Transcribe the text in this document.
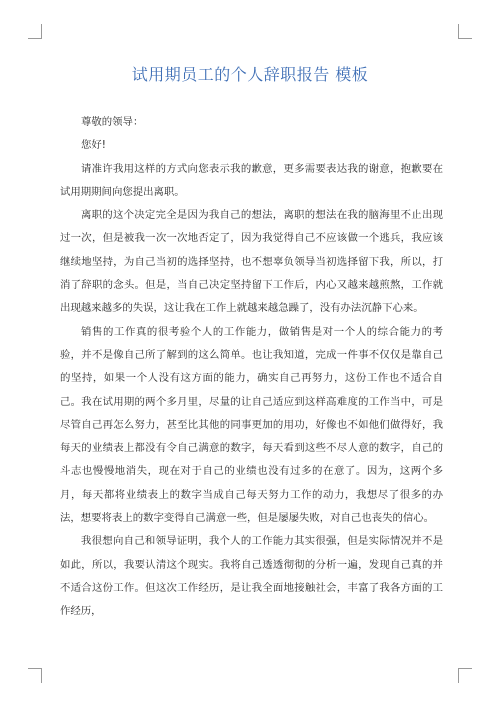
试用期员工的个人辞职报告 模板

尊敬的领导：

您好!

请准许我用这样的方式向您表示我的歉意，更多需要表达我的谢意，抱歉要在试用期期间向您提出离职。

离职的这个决定完全是因为我自己的想法，离职的想法在我的脑海里不止出现过一次，但是被我一次一次地否定了，因为我觉得自己不应该做一个逃兵，我应该继续地坚持，为自己当初的选择坚持，也不想辜负领导当初选择留下我，所以，打消了辞职的念头。但是，当自己决定坚持留下工作后，内心又越来越煎熬，工作就出现越来越多的失误，这让我在工作上就越来越急躁了，没有办法沉静下心来。

销售的工作真的很考验个人的工作能力，做销售是对一个人的综合能力的考验，并不是像自己所了解到的这么简单。也让我知道，完成一件事不仅仅是靠自己的坚持，如果一个人没有这方面的能力，确实自己再努力，这份工作也不适合自己。我在试用期的两个多月里，尽量的让自己适应到这样高难度的工作当中，可是尽管自己再怎么努力，甚至比其他的同事更加的用功，好像也不如他们做得好，我每天的业绩表上都没有令自己满意的数字，每天看到这些不尽人意的数字，自己的斗志也慢慢地消失，现在对于自己的业绩也没有过多的在意了。因为，这两个多月，每天都将业绩表上的数字当成自己每天努力工作的动力，我想尽了很多的办法，想要将表上的数字变得自己满意一些，但是屡屡失败，对自己也丧失的信心。

我很想向自己和领导证明，我个人的工作能力其实很强，但是实际情况并不是如此，所以，我要认清这个现实。我将自己透透彻彻的分析一遍，发现自己真的并不适合这份工作。但这次工作经历，是让我全面地接触社会，丰富了我各方面的工作经历，
